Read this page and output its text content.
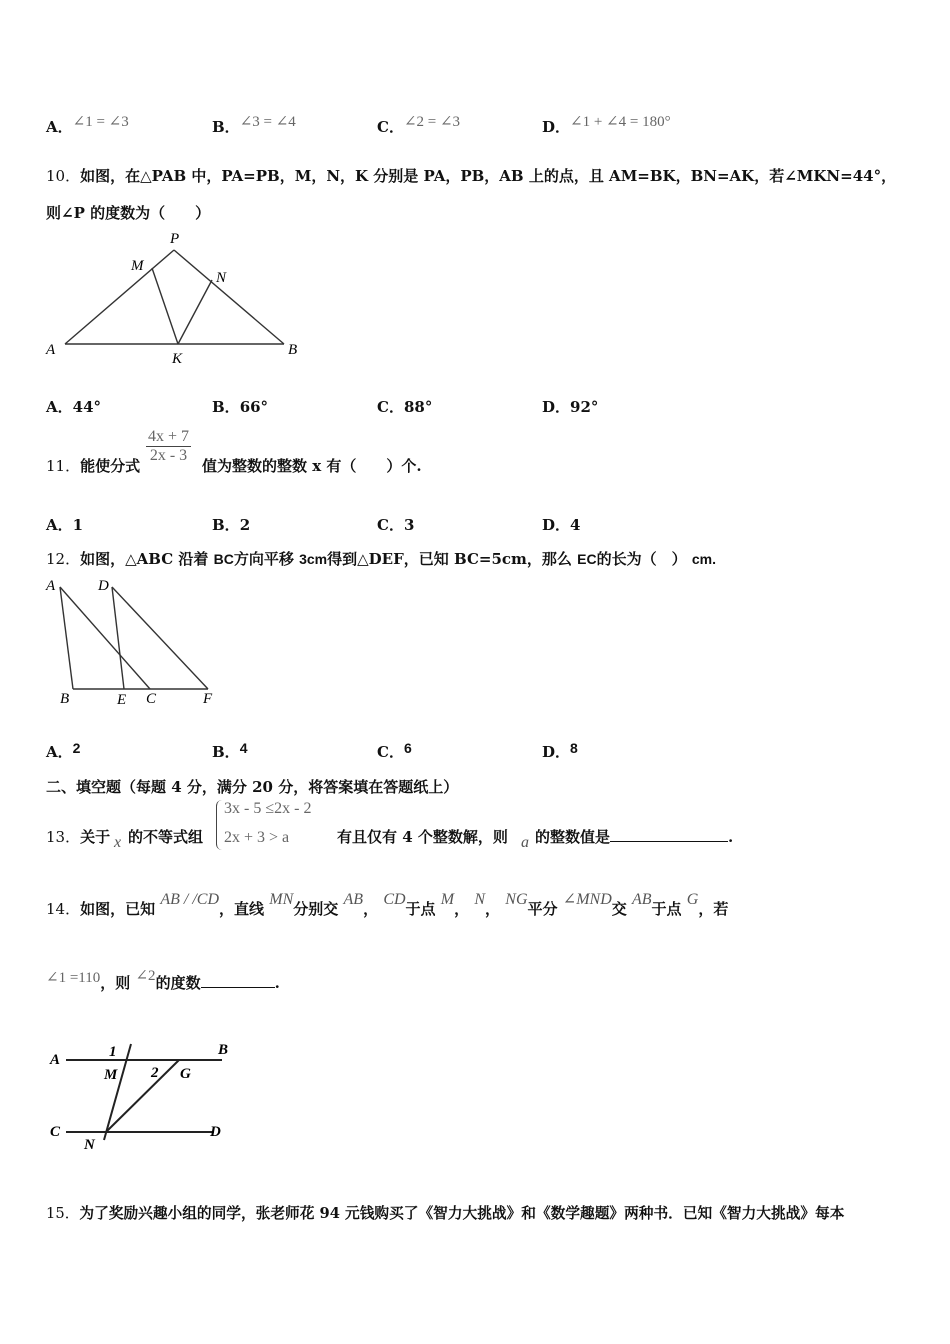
A．∠1 = ∠3	B．∠3 = ∠4	C．∠2 = ∠3	D．∠1 + ∠4 = 180°
10．如图，在△PAB 中，PA=PB，M，N，K 分别是 PA，PB，AB 上的点，且 AM=BK，BN=AK，若∠MKN=44°，
则∠P 的度数为（　　）
P
M
N
A
K
B
A．44°	B．66°	C．88°	D．92°
11．能使分式
$\frac{4x + 7}{2x - 3}$
值为整数的整数 x 有（　　）个.
A．1	B．2	C．3	D．4
12．如图，△ABC 沿着 BC方向平移 3cm得到△DEF，已知 BC=5cm，那么 EC的长为（　） cm.
A	D
B	E C	F
A．2	B．4	C．6	D．8
二、填空题（每题 4 分，满分 20 分，将答案填在答题纸上）
13．关于 x 的不等式组
3x - 5 ≤2x - 2
2x + 3 > a	有且仅有 4 个整数解，则 a 的整数值是	.
14．如图，已知 AB / /CD，直线 MN分别交 AB， CD于点 M， N， NG平分 ∠MND交 AB于点 G，若
∠1 =110，则 ∠2的度数	.
A
B
C	D
M
N
G
1
2
15．为了奖励兴趣小组的同学，张老师花 94 元钱购买了《智力大挑战》和《数学趣题》两种书．已知《智力大挑战》每本
